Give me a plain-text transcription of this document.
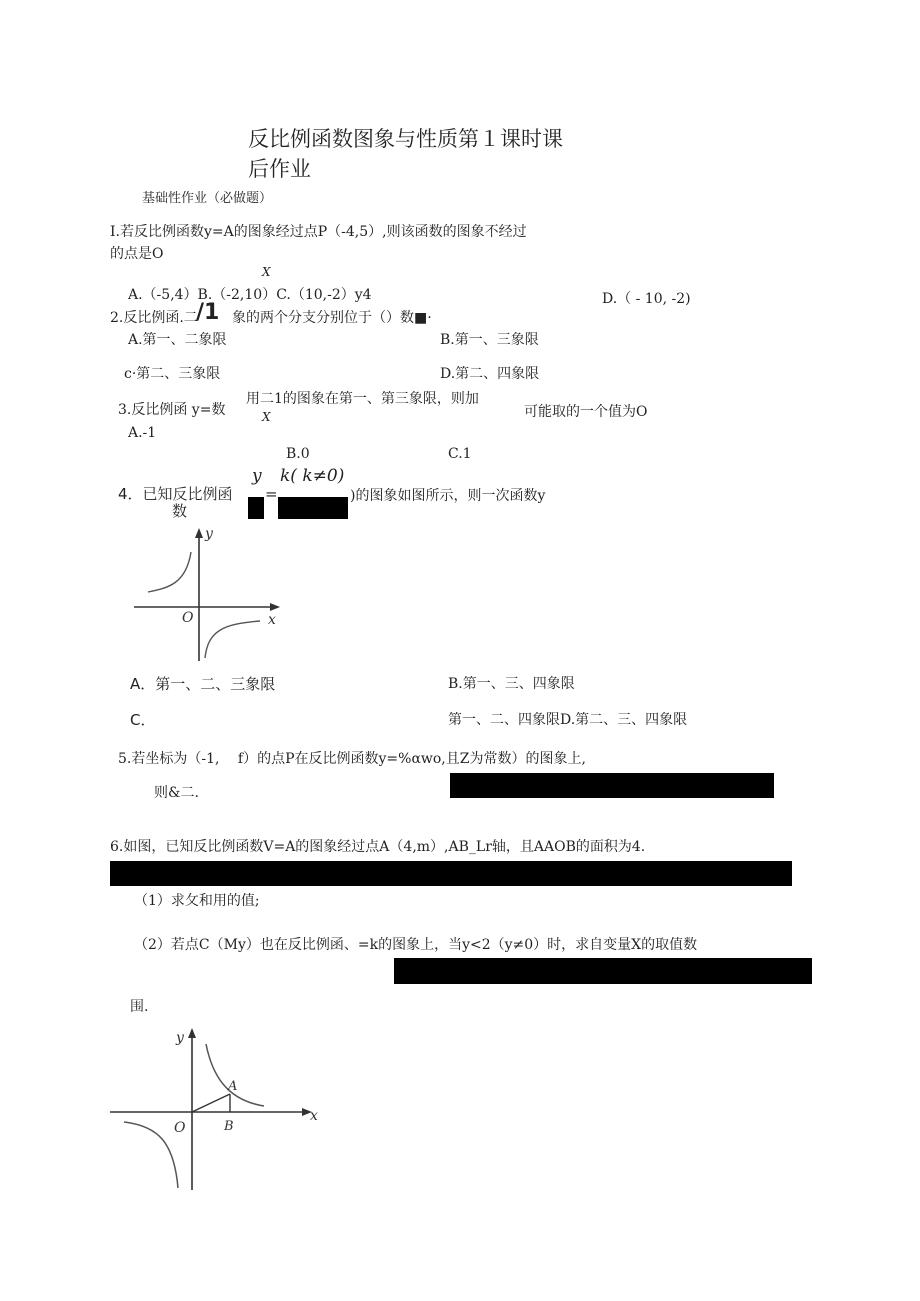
反比例函数图象与性质第１课时课
后作业
基础性作业（必做题）
I.若反比例函数y=A的图象经过点P（-4,5）,则该函数的图象不经过
的点是O
X
A.（-5,4）B.（-2,10）C.（10,-2）y4	D.（ - 10, -2)
2.反比例函.二
/1 象的两个分支分别位于（）数■·
A.第一、二象限	B.第一、三象限
c·第二、三象限	D.第二、四象限
3.反比例函 y=数
用二1的图象在第一、第三象限，则加
X	可能取的一个值为O
A.-1
B.0	C.1
4．已知反比例函
数
y
=
k( k≠0)
)的图象如图所示，则一次函数y
y
x
O
A．第一、二、三象限	B.第一、三、四象限
C．	第一、二、四象限D.第二、三、四象限
5.若坐标为（-1,　 f）的点P在反比例函数y=%αwo,且Z为常数）的图象上,
则&二.
6.如图，已知反比例函数V=A的图象经过点A（4,m）,AB_Lr轴，且AAOB的面积为4.
（1）求攵和用的值;
（2）若点C（My）也在反比例函、=k的图象上，当y<2（y≠0）时，求自变量X的取值数
围.
y
x
O
A
B
